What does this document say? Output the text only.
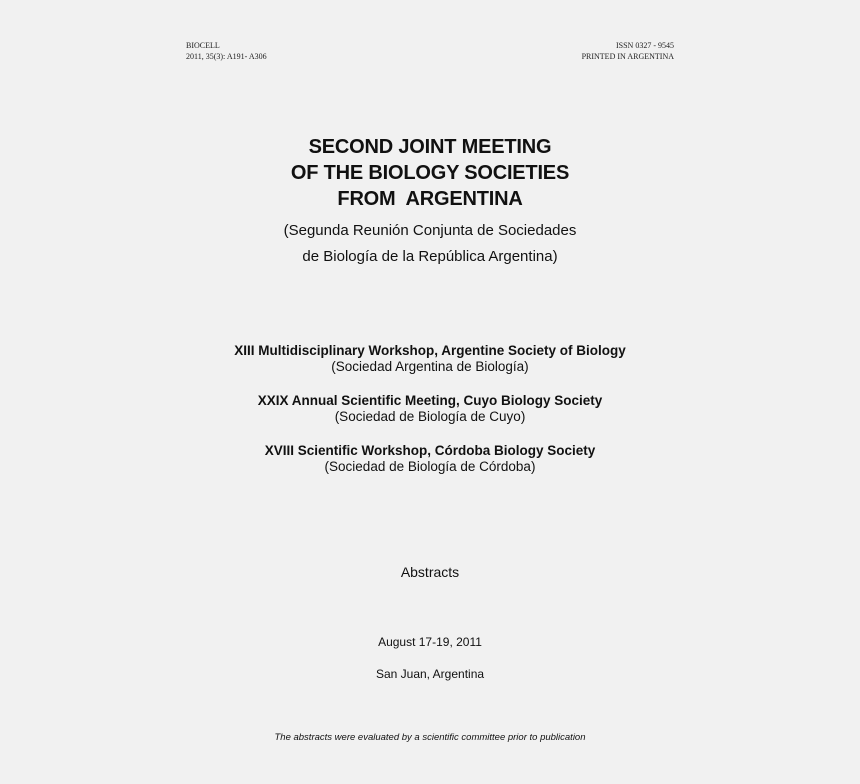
BIOCELL
2011, 35(3): A191- A306
ISSN 0327 - 9545
PRINTED IN ARGENTINA
SECOND JOINT MEETING
OF THE BIOLOGY SOCIETIES
FROM  ARGENTINA
(Segunda Reunión Conjunta de Sociedades
de Biología de la República Argentina)
XIII Multidisciplinary Workshop, Argentine Society of Biology
(Sociedad Argentina de Biología)
XXIX Annual Scientific Meeting, Cuyo Biology Society
(Sociedad de Biología de Cuyo)
XVIII Scientific Workshop, Córdoba Biology Society
(Sociedad de Biología de Córdoba)
Abstracts
August 17-19, 2011
San Juan, Argentina
The abstracts were evaluated by a scientific committee prior to publication
